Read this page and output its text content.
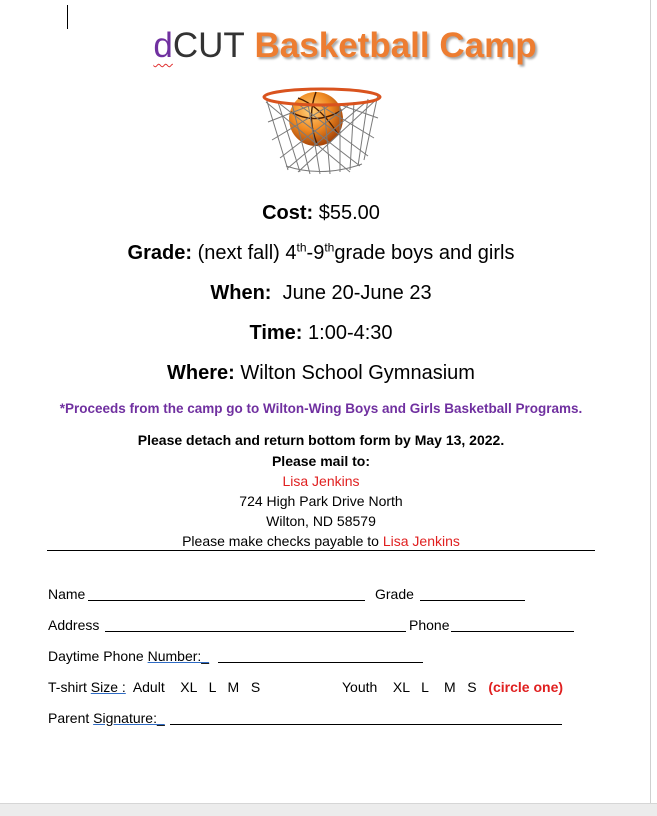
dCUT Basketball Camp
Cost: $55.00
Grade: (next fall) 4th-9thgrade boys and girls
When: June 20-June 23
Time: 1:00-4:30
Where: Wilton School Gymnasium
*Proceeds from the camp go to Wilton-Wing Boys and Girls Basketball Programs.
Please detach and return bottom form by May 13, 2022.
Please mail to:
Lisa Jenkins
724 High Park Drive North
Wilton, ND 58579
Please make checks payable to Lisa Jenkins
Name	Grade
Address	Phone
Daytime Phone Number:_
T-shirt Size : Adult XL   L   M   S	Youth XL   L    M   S (circle one)
Parent Signature:_
